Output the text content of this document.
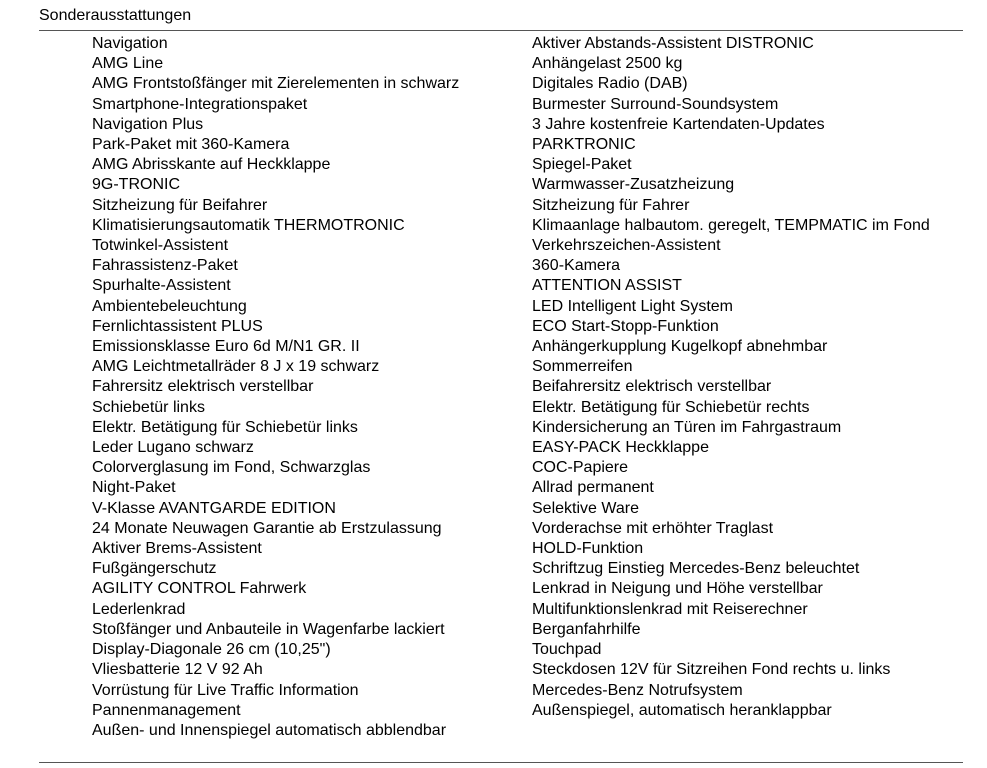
Sonderausstattungen
Navigation
AMG Line
AMG Frontstoßfänger mit Zierelementen in schwarz
Smartphone-Integrationspaket
Navigation Plus
Park-Paket mit 360-Kamera
AMG Abrisskante auf Heckklappe
9G-TRONIC
Sitzheizung für Beifahrer
Klimatisierungsautomatik THERMOTRONIC
Totwinkel-Assistent
Fahrassistenz-Paket
Spurhalte-Assistent
Ambientebeleuchtung
Fernlichtassistent PLUS
Emissionsklasse Euro 6d M/N1 GR. II
AMG Leichtmetallräder 8 J x 19 schwarz
Fahrersitz elektrisch verstellbar
Schiebetür links
Elektr. Betätigung für Schiebetür links
Leder Lugano schwarz
Colorverglasung im Fond, Schwarzglas
Night-Paket
V-Klasse AVANTGARDE EDITION
24 Monate Neuwagen Garantie ab Erstzulassung
Aktiver Brems-Assistent
Fußgängerschutz
AGILITY CONTROL Fahrwerk
Lederlenkrad
Stoßfänger und Anbauteile in Wagenfarbe lackiert
Display-Diagonale 26 cm (10,25")
Vliesbatterie 12 V 92 Ah
Vorrüstung für Live Traffic Information
Pannenmanagement
Außen- und Innenspiegel automatisch abblendbar
Aktiver Abstands-Assistent DISTRONIC
Anhängelast 2500 kg
Digitales Radio (DAB)
Burmester Surround-Soundsystem
3 Jahre kostenfreie Kartendaten-Updates
PARKTRONIC
Spiegel-Paket
Warmwasser-Zusatzheizung
Sitzheizung für Fahrer
Klimaanlage halbautom. geregelt, TEMPMATIC im Fond
Verkehrszeichen-Assistent
360-Kamera
ATTENTION ASSIST
LED Intelligent Light System
ECO Start-Stopp-Funktion
Anhängerkupplung Kugelkopf abnehmbar
Sommerreifen
Beifahrersitz elektrisch verstellbar
Elektr. Betätigung für Schiebetür rechts
Kindersicherung an Türen im Fahrgastraum
EASY-PACK Heckklappe
COC-Papiere
Allrad permanent
Selektive Ware
Vorderachse mit erhöhter Traglast
HOLD-Funktion
Schriftzug Einstieg Mercedes-Benz beleuchtet
Lenkrad in Neigung und Höhe verstellbar
Multifunktionslenkrad mit Reiserechner
Berganfahrhilfe
Touchpad
Steckdosen 12V für Sitzreihen Fond rechts u. links
Mercedes-Benz Notrufsystem
Außenspiegel, automatisch heranklappbar
